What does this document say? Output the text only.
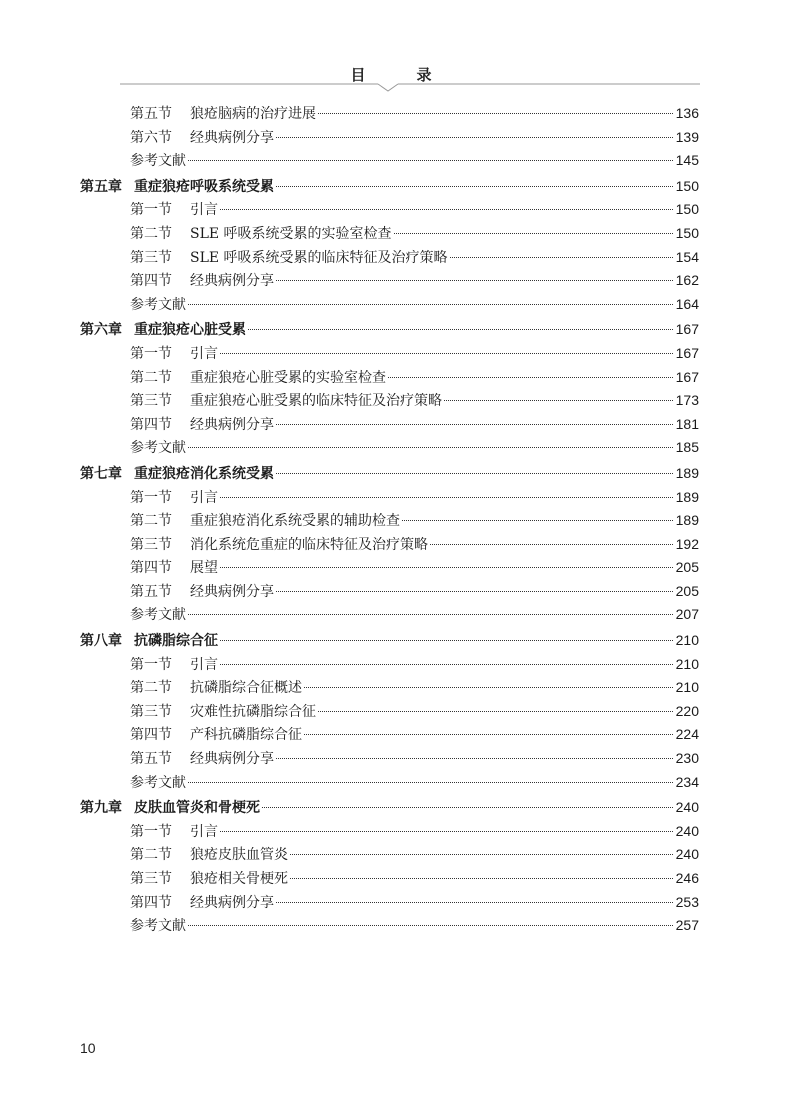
目　录
第五节 狼疮脑病的治疗进展	136
第六节 经典病例分享	139
参考文献	145
第五章 重症狼疮呼吸系统受累	150
第一节 引言	150
第二节 SLE 呼吸系统受累的实验室检查	150
第三节 SLE 呼吸系统受累的临床特征及治疗策略	154
第四节 经典病例分享	162
参考文献	164
第六章 重症狼疮心脏受累	167
第一节 引言	167
第二节 重症狼疮心脏受累的实验室检查	167
第三节 重症狼疮心脏受累的临床特征及治疗策略	173
第四节 经典病例分享	181
参考文献	185
第七章 重症狼疮消化系统受累	189
第一节 引言	189
第二节 重症狼疮消化系统受累的辅助检查	189
第三节 消化系统危重症的临床特征及治疗策略	192
第四节 展望	205
第五节 经典病例分享	205
参考文献	207
第八章 抗磷脂综合征	210
第一节 引言	210
第二节 抗磷脂综合征概述	210
第三节 灾难性抗磷脂综合征	220
第四节 产科抗磷脂综合征	224
第五节 经典病例分享	230
参考文献	234
第九章 皮肤血管炎和骨梗死	240
第一节 引言	240
第二节 狼疮皮肤血管炎	240
第三节 狼疮相关骨梗死	246
第四节 经典病例分享	253
参考文献	257
10
